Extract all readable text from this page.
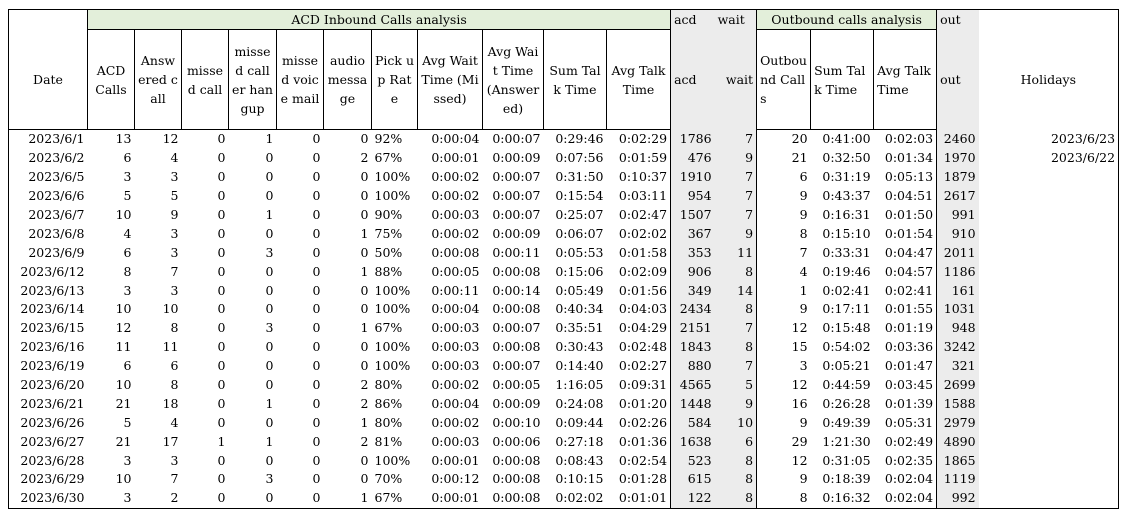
	ACD Inbound Calls analysis											acd	wait	Outbound calls analysis			out	
Date	ACD Calls	Answered call	missed call	missed caller hangup	missed voice mail	audio message	Pick up Rate	Avg Wait Time (Missed)	Avg Wait Time (Answered)	Sum Talk Time	Avg Talk Time	acd	wait	Outbound Calls	Sum Talk Time	Avg Talk Time	out	Holidays
2023/6/1	13	12	0	1	0	0	92%	0:00:04	0:00:07	0:29:46	0:02:29	1786	7	20	0:41:00	0:02:03	2460	2023/6/23
2023/6/2	6	4	0	0	0	2	67%	0:00:01	0:00:09	0:07:56	0:01:59	476	9	21	0:32:50	0:01:34	1970	2023/6/22
2023/6/5	3	3	0	0	0	0	100%	0:00:02	0:00:07	0:31:50	0:10:37	1910	7	6	0:31:19	0:05:13	1879	
2023/6/6	5	5	0	0	0	0	100%	0:00:02	0:00:07	0:15:54	0:03:11	954	7	9	0:43:37	0:04:51	2617	
2023/6/7	10	9	0	1	0	0	90%	0:00:03	0:00:07	0:25:07	0:02:47	1507	7	9	0:16:31	0:01:50	991	
2023/6/8	4	3	0	0	0	1	75%	0:00:02	0:00:09	0:06:07	0:02:02	367	9	8	0:15:10	0:01:54	910	
2023/6/9	6	3	0	3	0	0	50%	0:00:08	0:00:11	0:05:53	0:01:58	353	11	7	0:33:31	0:04:47	2011	
2023/6/12	8	7	0	0	0	1	88%	0:00:05	0:00:08	0:15:06	0:02:09	906	8	4	0:19:46	0:04:57	1186	
2023/6/13	3	3	0	0	0	0	100%	0:00:11	0:00:14	0:05:49	0:01:56	349	14	1	0:02:41	0:02:41	161	
2023/6/14	10	10	0	0	0	0	100%	0:00:04	0:00:08	0:40:34	0:04:03	2434	8	9	0:17:11	0:01:55	1031	
2023/6/15	12	8	0	3	0	1	67%	0:00:03	0:00:07	0:35:51	0:04:29	2151	7	12	0:15:48	0:01:19	948	
2023/6/16	11	11	0	0	0	0	100%	0:00:03	0:00:08	0:30:43	0:02:48	1843	8	15	0:54:02	0:03:36	3242	
2023/6/19	6	6	0	0	0	0	100%	0:00:03	0:00:07	0:14:40	0:02:27	880	7	3	0:05:21	0:01:47	321	
2023/6/20	10	8	0	0	0	2	80%	0:00:02	0:00:05	1:16:05	0:09:31	4565	5	12	0:44:59	0:03:45	2699	
2023/6/21	21	18	0	1	0	2	86%	0:00:04	0:00:09	0:24:08	0:01:20	1448	9	16	0:26:28	0:01:39	1588	
2023/6/26	5	4	0	0	0	1	80%	0:00:02	0:00:10	0:09:44	0:02:26	584	10	9	0:49:39	0:05:31	2979	
2023/6/27	21	17	1	1	0	2	81%	0:00:03	0:00:06	0:27:18	0:01:36	1638	6	29	1:21:30	0:02:49	4890	
2023/6/28	3	3	0	0	0	0	100%	0:00:01	0:00:08	0:08:43	0:02:54	523	8	12	0:31:05	0:02:35	1865	
2023/6/29	10	7	0	3	0	0	70%	0:00:12	0:00:08	0:10:15	0:01:28	615	8	9	0:18:39	0:02:04	1119	
2023/6/30	3	2	0	0	0	1	67%	0:00:01	0:00:08	0:02:02	0:01:01	122	8	8	0:16:32	0:02:04	992	
